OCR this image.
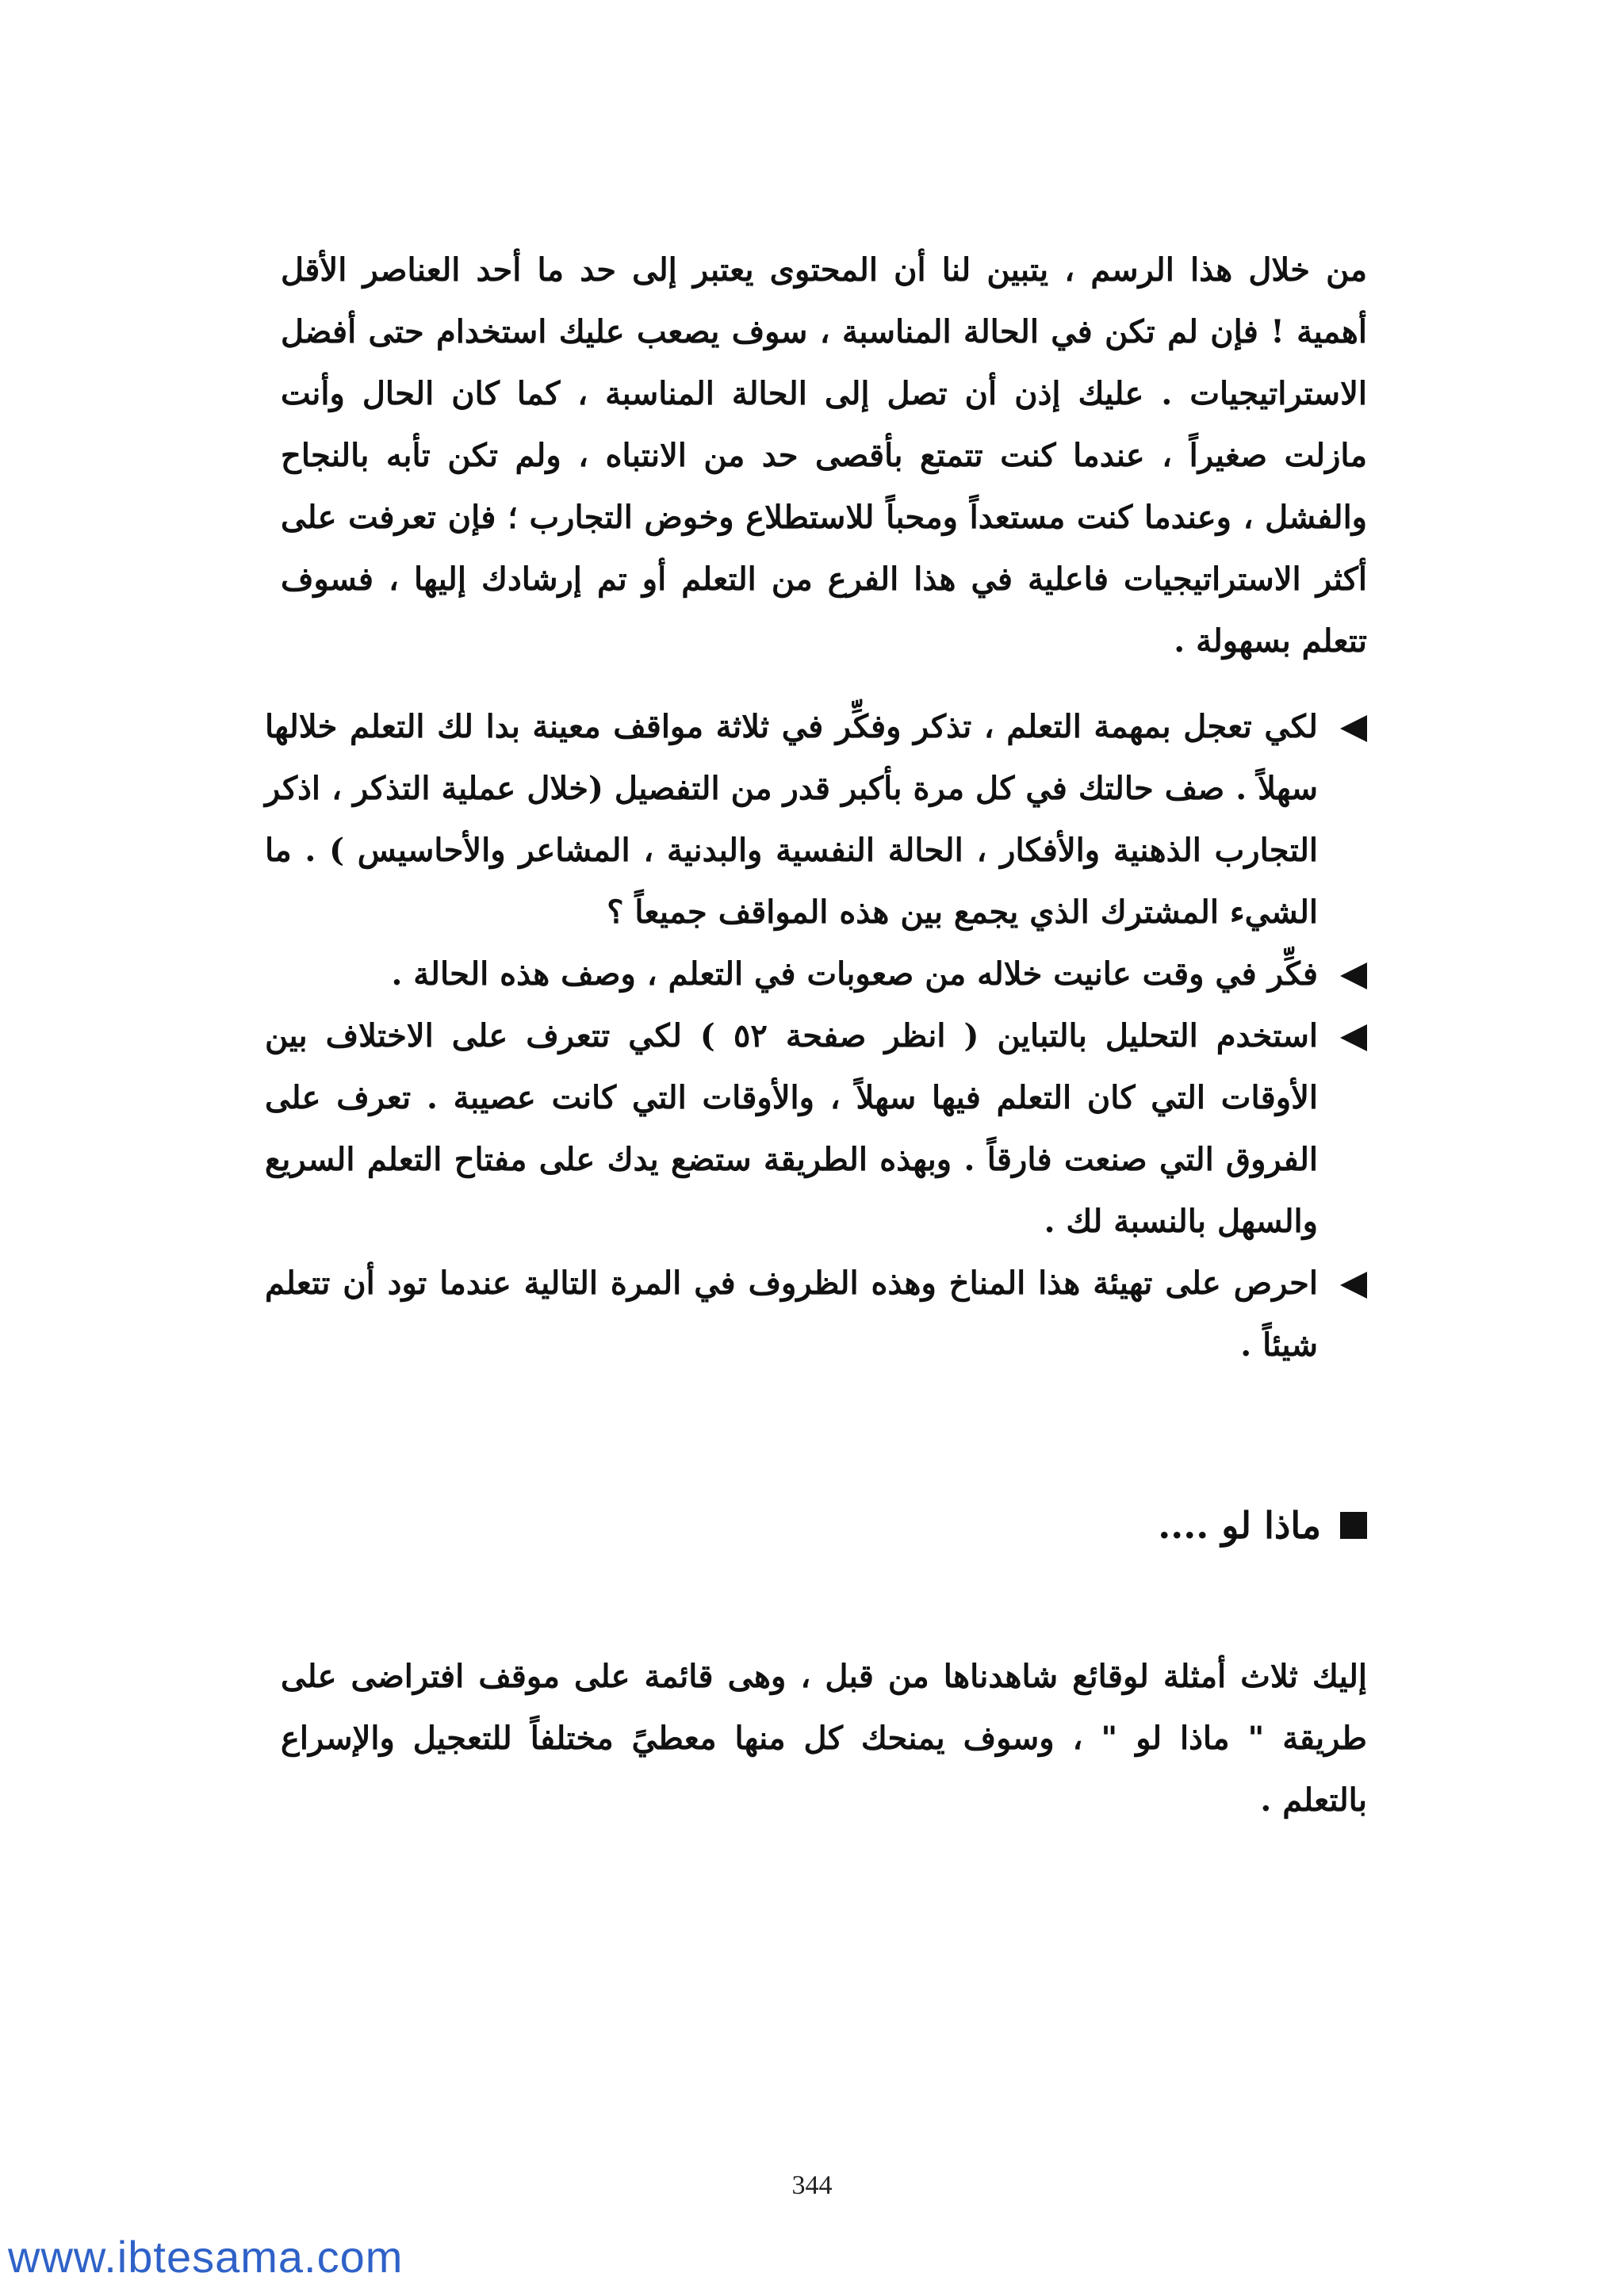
من خلال هذا الرسم ، يتبين لنا أن المحتوى يعتبر إلى حد ما أحد العناصر الأقل أهمية ! فإن لم تكن في الحالة المناسبة ، سوف يصعب عليك استخدام حتى أفضل الاستراتيجيات . عليك إذن أن تصل إلى الحالة المناسبة ، كما كان الحال وأنت مازلت صغيراً ، عندما كنت تتمتع بأقصى حد من الانتباه ، ولم تكن تأبه بالنجاح والفشل ، وعندما كنت مستعداً ومحباً للاستطلاع وخوض التجارب ؛ فإن تعرفت على أكثر الاستراتيجيات فاعلية في هذا الفرع من التعلم أو تم إرشادك إليها ، فسوف تتعلم بسهولة .

لكي تعجل بمهمة التعلم ، تذكر وفكِّر في ثلاثة مواقف معينة بدا لك التعلم خلالها سهلاً . صف حالتك في كل مرة بأكبر قدر من التفصيل (خلال عملية التذكر ، اذكر التجارب الذهنية والأفكار ، الحالة النفسية والبدنية ، المشاعر والأحاسيس ) . ما الشيء المشترك الذي يجمع بين هذه المواقف جميعاً ؟
فكِّر في وقت عانيت خلاله من صعوبات في التعلم ، وصف هذه الحالة .
استخدم التحليل بالتباين ( انظر صفحة ٥٢ ) لكي تتعرف على الاختلاف بين الأوقات التي كان التعلم فيها سهلاً ، والأوقات التي كانت عصيبة . تعرف على الفروق التي صنعت فارقاً . وبهذه الطريقة ستضع يدك على مفتاح التعلم السريع والسهل بالنسبة لك .
احرص على تهيئة هذا المناخ وهذه الظروف في المرة التالية عندما تود أن تتعلم شيئاً .
ماذا لو ....

إليك ثلاث أمثلة لوقائع شاهدناها من قبل ، وهى قائمة على موقف افتراضى على طريقة " ماذا لو " ، وسوف يمنحك كل منها معطيً مختلفاً للتعجيل والإسراع بالتعلم .

344
www.ibtesama.com
